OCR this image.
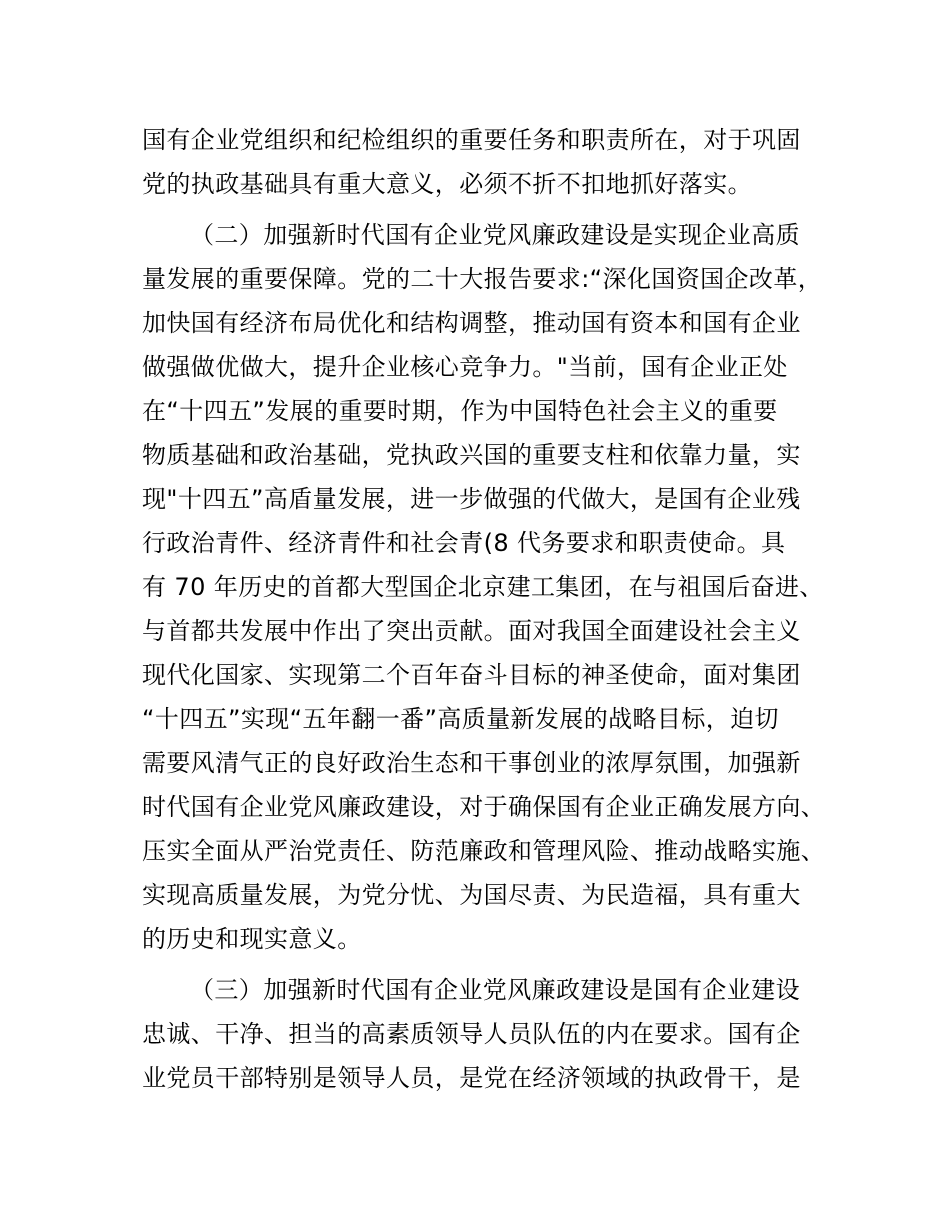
国有企业党组织和纪检组织的重要任务和职责所在，对于巩固
党的执政基础具有重大意义，必须不折不扣地抓好落实。
（二）加强新时代国有企业党风廉政建设是实现企业高质
量发展的重要保障。党的二十大报告要求:“深化国资国企改革，
加快国有经济布局优化和结构调整，推动国有资本和国有企业
做强做优做大，提升企业核心竞争力。"当前，国有企业正处
在“十四五”发展的重要时期，作为中国特色社会主义的重要
物质基础和政治基础，党执政兴国的重要支柱和依靠力量，实
现"十四五”高盾量发展，进一步做强的代做大，是国有企业残
行政治青件、经济青件和社会青(8 代务要求和职责使命。具
有 70 年历史的首都大型国企北京建工集团，在与祖国后奋进、
与首都共发展中作出了突出贡献。面对我国全面建设社会主义
现代化国家、实现第二个百年奋斗目标的神圣使命，面对集团
“十四五”实现“五年翻一番”高质量新发展的战略目标，迫切
需要风清气正的良好政治生态和干事创业的浓厚氛围，加强新
时代国有企业党风廉政建设，对于确保国有企业正确发展方向、
压实全面从严治党责任、防范廉政和管理风险、推动战略实施、
实现高质量发展，为党分忧、为国尽责、为民造福，具有重大
的历史和现实意义。
（三）加强新时代国有企业党风廉政建设是国有企业建设
忠诚、干净、担当的高素质领导人员队伍的内在要求。国有企
业党员干部特别是领导人员，是党在经济领域的执政骨干，是
